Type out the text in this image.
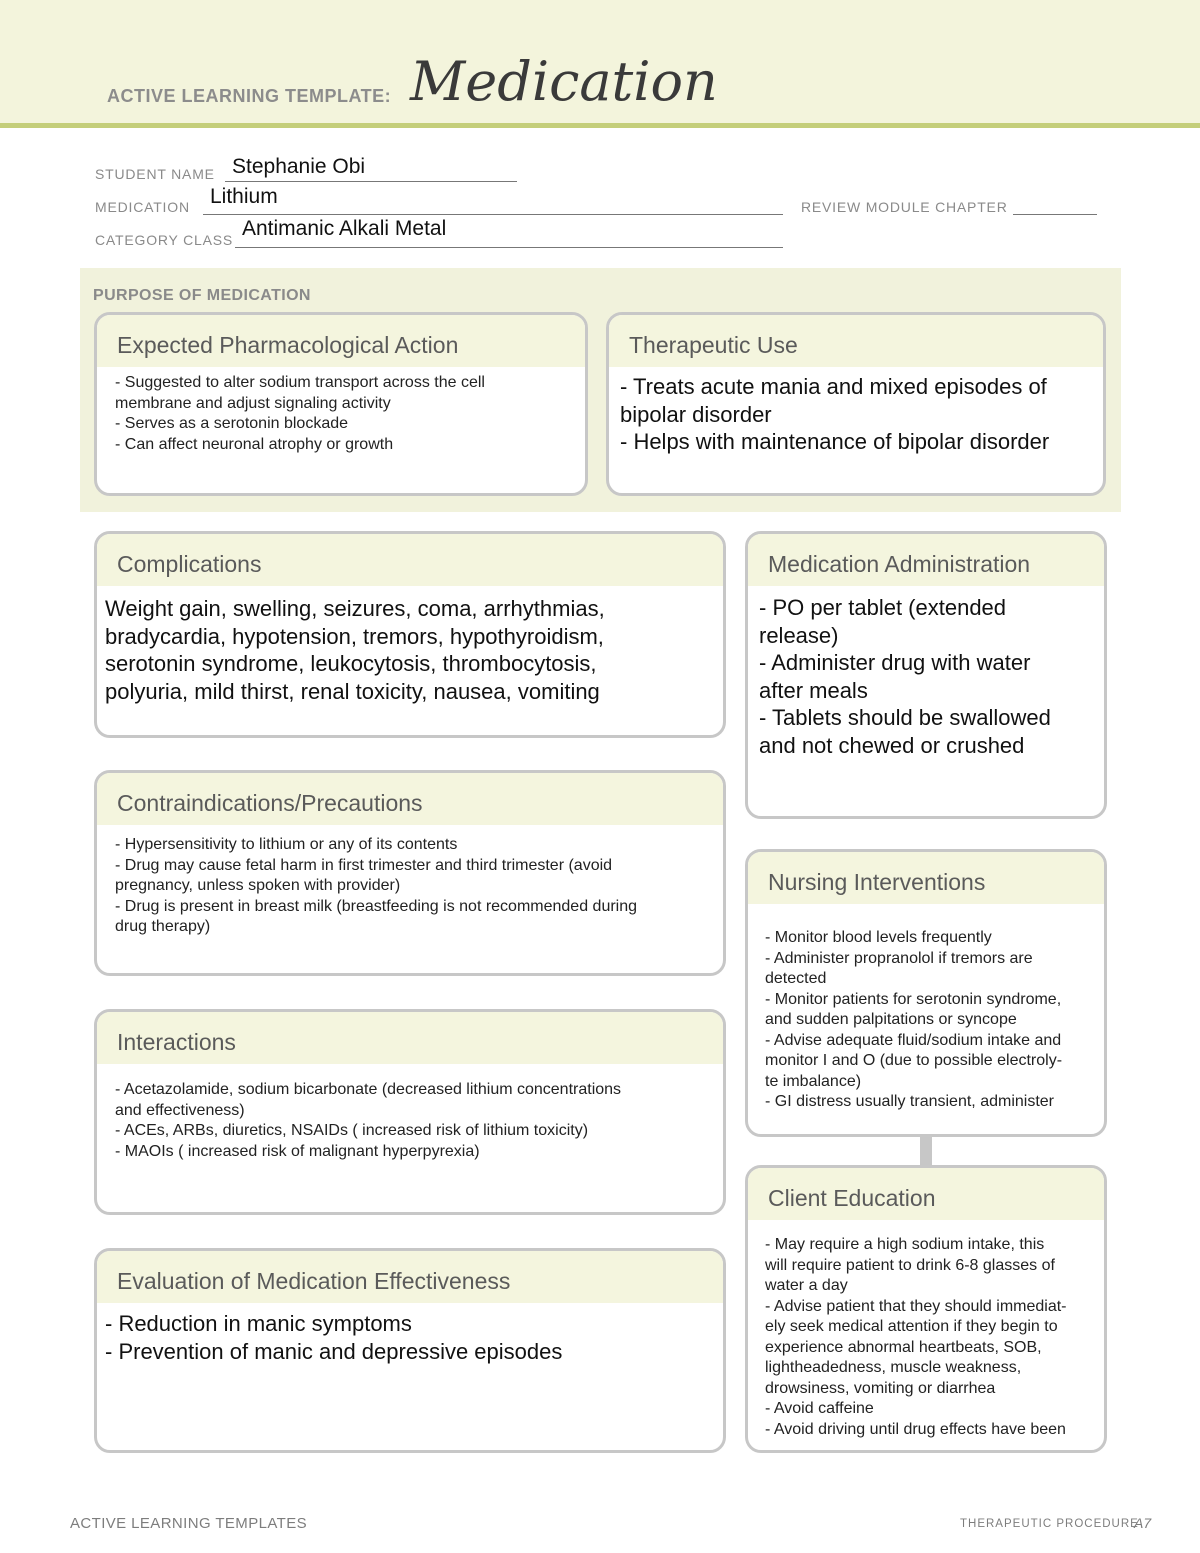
ACTIVE LEARNING TEMPLATE: Medication
STUDENT NAME Stephanie Obi
MEDICATION Lithium	REVIEW MODULE CHAPTER
CATEGORY CLASS Antimanic Alkali Metal
PURPOSE OF MEDICATION
Expected Pharmacological Action
- Suggested to alter sodium transport across the cell
membrane and adjust signaling activity
- Serves as a serotonin blockade
- Can affect neuronal atrophy or growth
Therapeutic Use
- Treats acute mania and mixed episodes of
bipolar disorder
- Helps with maintenance of bipolar disorder
Complications
Weight gain, swelling, seizures, coma, arrhythmias,
bradycardia, hypotension, tremors, hypothyroidism,
serotonin syndrome, leukocytosis, thrombocytosis,
polyuria, mild thirst, renal toxicity, nausea, vomiting
Medication Administration
- PO per tablet (extended
release)
- Administer drug with water
after meals
- Tablets should be swallowed
and not chewed or crushed
Contraindications/Precautions
- Hypersensitivity to lithium or any of its contents
- Drug may cause fetal harm in first trimester and third trimester (avoid
pregnancy, unless spoken with provider)
- Drug is present in breast milk (breastfeeding is not recommended during
drug therapy)
Nursing Interventions
- Monitor blood levels frequently
- Administer propranolol if tremors are
detected
- Monitor patients for serotonin syndrome,
and sudden palpitations or syncope
- Advise adequate fluid/sodium intake and
monitor I and O (due to possible electroly-
te imbalance)
- GI distress usually transient, administer
Interactions
- Acetazolamide, sodium bicarbonate (decreased lithium concentrations
and effectiveness)
- ACEs, ARBs, diuretics, NSAIDs ( increased risk of lithium toxicity)
- MAOIs ( increased risk of malignant hyperpyrexia)
Client Education
- May require a high sodium intake, this
will require patient to drink 6-8 glasses of
water a day
- Advise patient that they should immediat-
ely seek medical attention if they begin to
experience abnormal heartbeats, SOB,
lightheadedness, muscle weakness,
drowsiness, vomiting or diarrhea
- Avoid caffeine
- Avoid driving until drug effects have been
Evaluation of Medication Effectiveness
- Reduction in manic symptoms
- Prevention of manic and depressive episodes
ACTIVE LEARNING TEMPLATES	THERAPEUTIC PROCEDURE
A7
